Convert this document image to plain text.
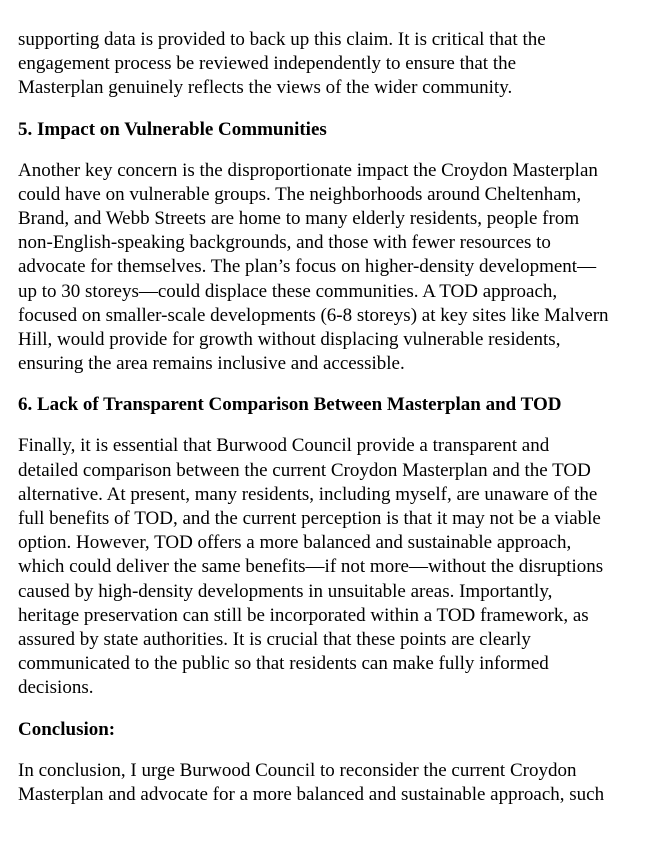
supporting data is provided to back up this claim. It is critical that the
engagement process be reviewed independently to ensure that the
Masterplan genuinely reflects the views of the wider community.

5. Impact on Vulnerable Communities

Another key concern is the disproportionate impact the Croydon Masterplan
could have on vulnerable groups. The neighborhoods around Cheltenham,
Brand, and Webb Streets are home to many elderly residents, people from
non-English-speaking backgrounds, and those with fewer resources to
advocate for themselves. The plan’s focus on higher-density development—
up to 30 storeys—could displace these communities. A TOD approach,
focused on smaller-scale developments (6-8 storeys) at key sites like Malvern
Hill, would provide for growth without displacing vulnerable residents,
ensuring the area remains inclusive and accessible.

6. Lack of Transparent Comparison Between Masterplan and TOD

Finally, it is essential that Burwood Council provide a transparent and
detailed comparison between the current Croydon Masterplan and the TOD
alternative. At present, many residents, including myself, are unaware of the
full benefits of TOD, and the current perception is that it may not be a viable
option. However, TOD offers a more balanced and sustainable approach,
which could deliver the same benefits—if not more—without the disruptions
caused by high-density developments in unsuitable areas. Importantly,
heritage preservation can still be incorporated within a TOD framework, as
assured by state authorities. It is crucial that these points are clearly
communicated to the public so that residents can make fully informed
decisions.

Conclusion:

In conclusion, I urge Burwood Council to reconsider the current Croydon
Masterplan and advocate for a more balanced and sustainable approach, such
